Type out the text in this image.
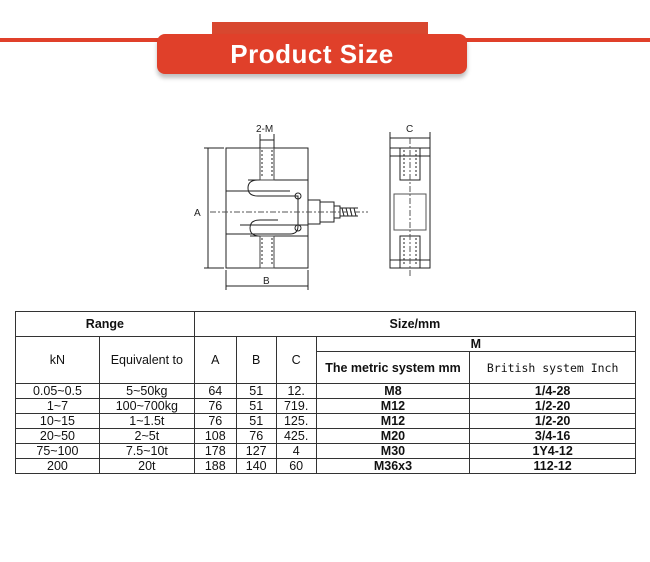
Product Size
2-M
A
B
C
Range		Size/mm				
kN	Equivalent to	A	B	C	M	
					The metric system mm	British system Inch
0.05~0.5	5~50kg	64	51	12.	M8	1/4-28
1~7	100~700kg	76	51	719.	M12	1/2-20
10~15	1~1.5t	76	51	125.	M12	1/2-20
20~50	2~5t	108	76	425.	M20	3/4-16
75~100	7.5~10t	178	127	4	M30	1Y4-12
200	20t	188	140	60	M36x3	112-12
